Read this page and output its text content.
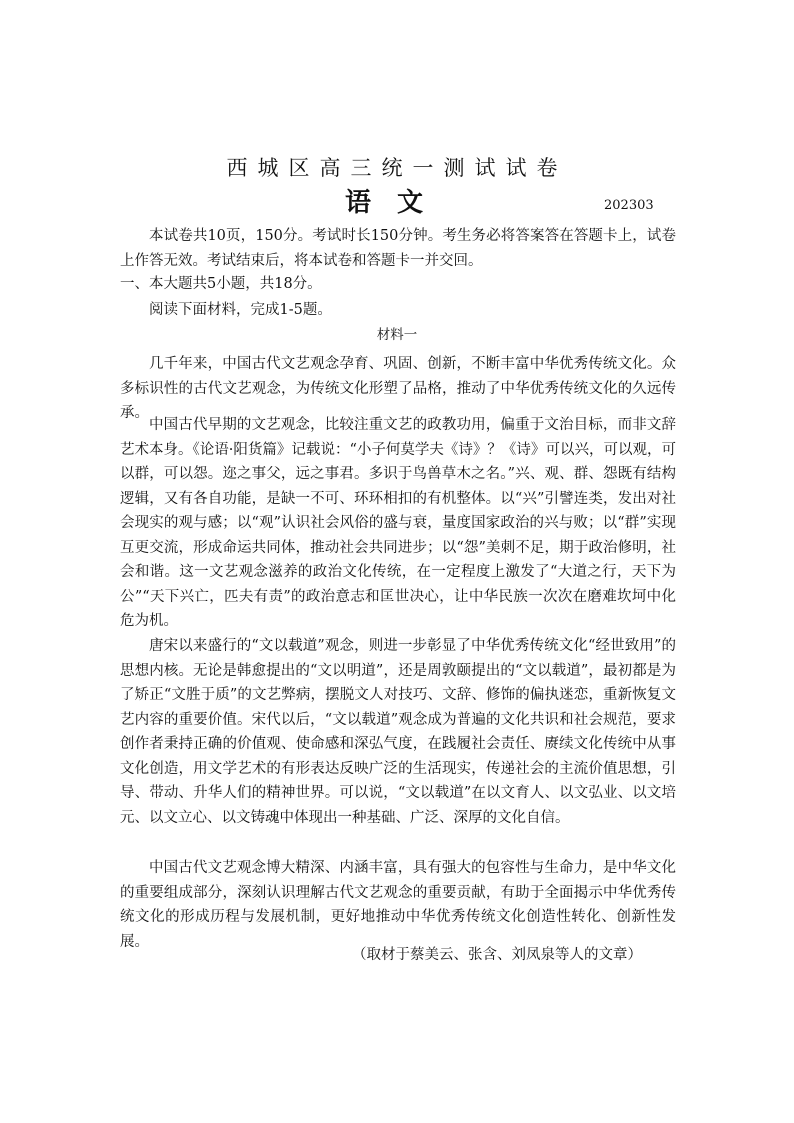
西城区高三统一测试试卷
语文	202303
本试卷共10页，150分。考试时长150分钟。考生务必将答案答在答题卡上，试卷上作答无效。考试结束后，将本试卷和答题卡一并交回。
一、本大题共5小题，共18分。
阅读下面材料，完成1-5题。
材料一
几千年来，中国古代文艺观念孕育、巩固、创新，不断丰富中华优秀传统文化。众多标识性的古代文艺观念，为传统文化形塑了品格，推动了中华优秀传统文化的久远传承。
中国古代早期的文艺观念，比较注重文艺的政教功用，偏重于文治目标，而非文辞艺术本身。《论语·阳货篇》记载说：“小子何莫学夫《诗》？《诗》可以兴，可以观，可以群，可以怨。迩之事父，远之事君。多识于鸟兽草木之名。”兴、观、群、怨既有结构逻辑，又有各自功能，是缺一不可、环环相扣的有机整体。以“兴”引譬连类，发出对社会现实的观与感；以“观”认识社会风俗的盛与衰，量度国家政治的兴与败；以“群”实现互更交流，形成命运共同体，推动社会共同进步；以“怨”美刺不足，期于政治修明，社会和谐。这一文艺观念滋养的政治文化传统，在一定程度上激发了“大道之行，天下为公”“天下兴亡，匹夫有责”的政治意志和匡世决心，让中华民族一次次在磨难坎坷中化危为机。
唐宋以来盛行的“文以载道”观念，则进一步彰显了中华优秀传统文化“经世致用”的思想内核。无论是韩愈提出的“文以明道”，还是周敦颐提出的“文以载道”，最初都是为了矫正“文胜于质”的文艺弊病，摆脱文人对技巧、文辞、修饰的偏执迷恋，重新恢复文艺内容的重要价值。宋代以后，“文以载道”观念成为普遍的文化共识和社会规范，要求创作者秉持正确的价值观、使命感和深弘气度，在践履社会责任、赓续文化传统中从事文化创造，用文学艺术的有形表达反映广泛的生活现实，传递社会的主流价值思想，引导、带动、升华人们的精神世界。可以说，“文以载道”在以文育人、以文弘业、以文培元、以文立心、以文铸魂中体现出一种基础、广泛、深厚的文化自信。
中国古代文艺观念博大精深、内涵丰富，具有强大的包容性与生命力，是中华文化的重要组成部分，深刻认识理解古代文艺观念的重要贡献，有助于全面揭示中华优秀传统文化的形成历程与发展机制，更好地推动中华优秀传统文化创造性转化、创新性发展。
（取材于蔡美云、张含、刘凤泉等人的文章）
